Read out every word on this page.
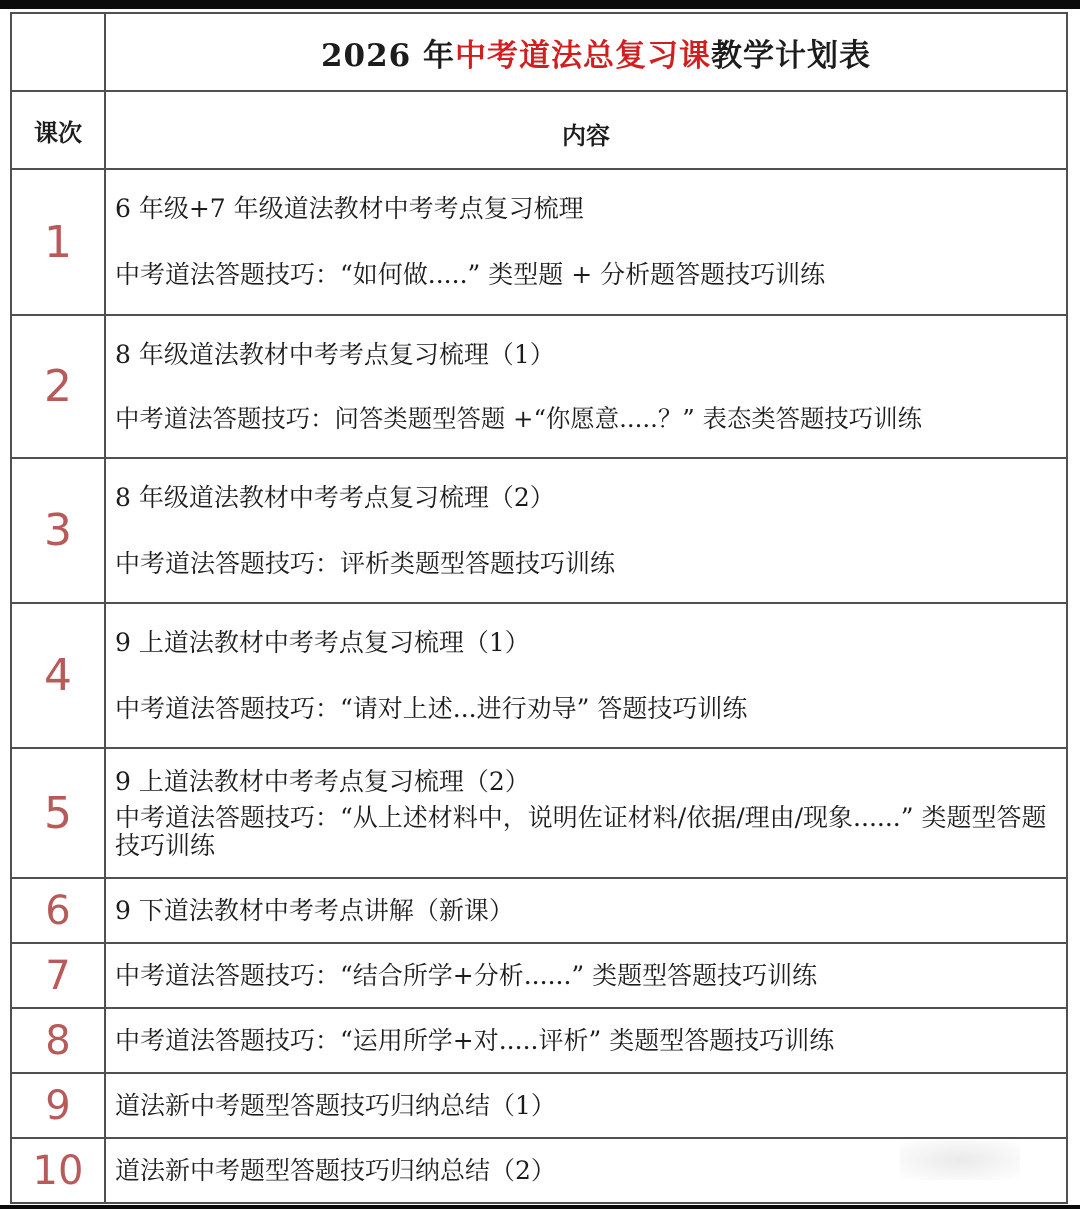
	2026 年中考道法总复习课教学计划表
课次	内容
1	6 年级+7 年级道法教材中考考点复习梳理
中考道法答题技巧：“如何做.....” 类型题 + 分析题答题技巧训练

2	8 年级道法教材中考考点复习梳理（1）
中考道法答题技巧：问答类题型答题 +“你愿意.....？” 表态类答题技巧训练

3	8 年级道法教材中考考点复习梳理（2）
中考道法答题技巧：评析类题型答题技巧训练

4	9 上道法教材中考考点复习梳理（1）
中考道法答题技巧：“请对上述...进行劝导” 答题技巧训练

5	9 上道法教材中考考点复习梳理（2）
中考道法答题技巧：“从上述材料中，说明佐证材料/依据/理由/现象......” 类题型答题技巧训练

6	9 下道法教材中考考点讲解（新课）

7	中考道法答题技巧：“结合所学+分析......” 类题型答题技巧训练

8	中考道法答题技巧：“运用所学+对.....评析” 类题型答题技巧训练

9	道法新中考题型答题技巧归纳总结（1）

10	道法新中考题型答题技巧归纳总结（2）
